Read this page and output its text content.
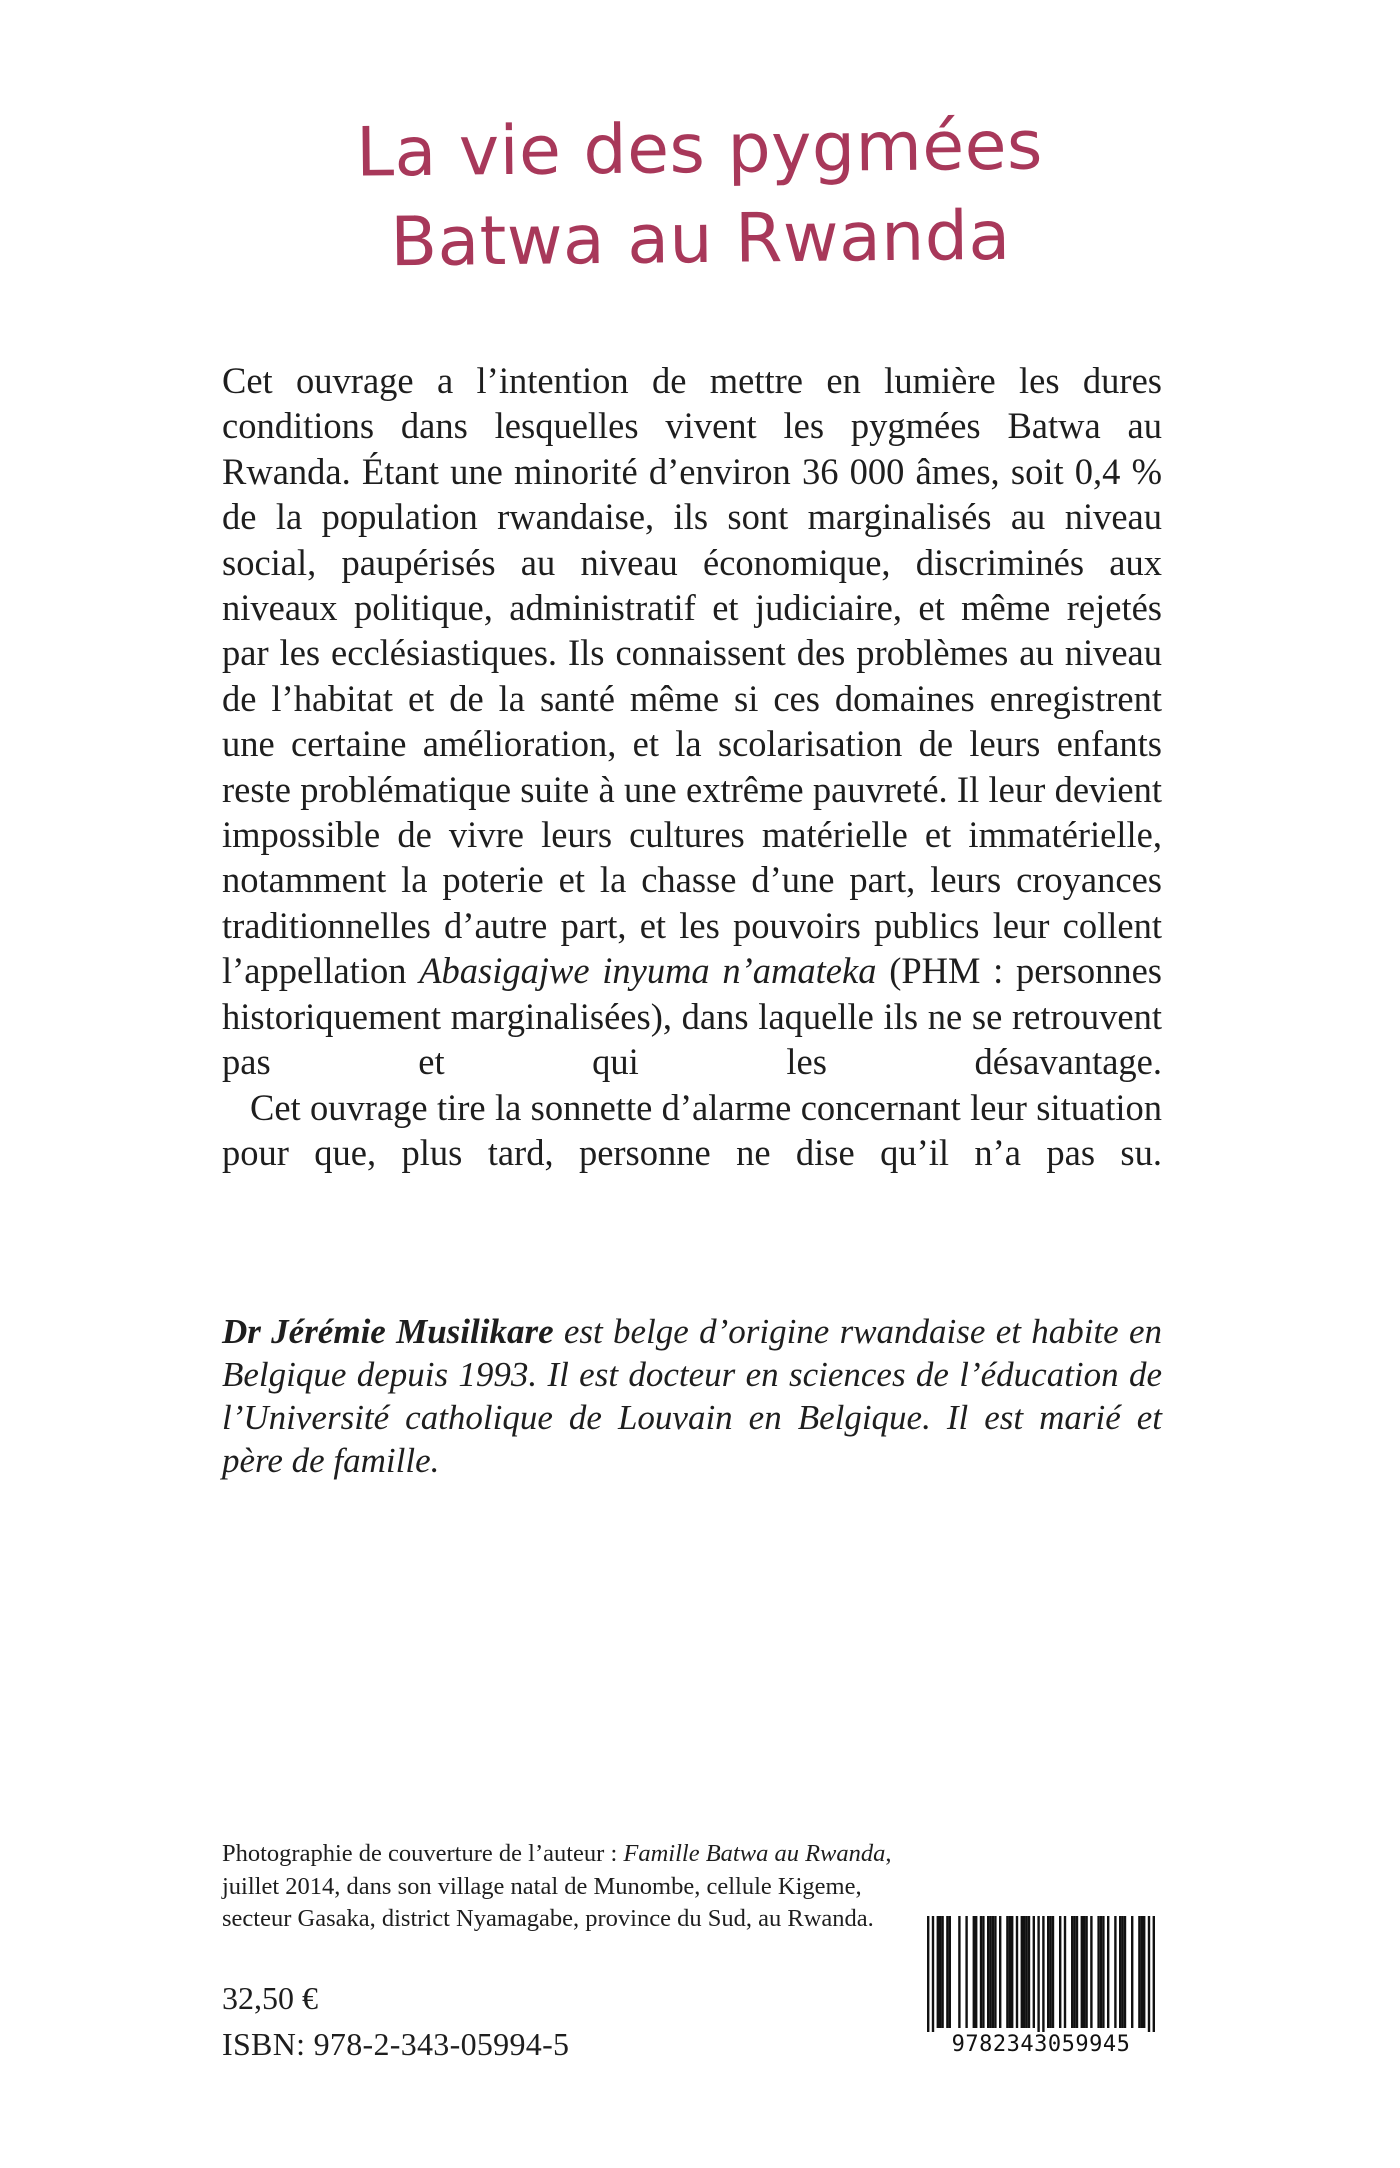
La vie des pygmées
Batwa au Rwanda

Cet ouvrage a l’intention de mettre en lumière les dures conditions dans lesquelles vivent les pygmées Batwa au Rwanda. Étant une minorité d’environ 36 000 âmes, soit 0,4 % de la population rwandaise, ils sont marginalisés au niveau social, paupérisés au niveau économique, discriminés aux niveaux politique, administratif et judiciaire, et même rejetés par les ecclésiastiques. Ils connaissent des problèmes au niveau de l’habitat et de la santé même si ces domaines enregistrent une certaine amélioration, et la scolarisation de leurs enfants reste problématique suite à une extrême pauvreté. Il leur devient impossible de vivre leurs cultures matérielle et immatérielle, notamment la poterie et la chasse d’une part, leurs croyances traditionnelles d’autre part, et les pouvoirs publics leur collent l’appellation Abasigajwe inyuma n’amateka (PHM : personnes historiquement marginalisées), dans laquelle ils ne se retrouvent pas et qui les désavantage.

Cet ouvrage tire la sonnette d’alarme concernant leur situation pour que, plus tard, personne ne dise qu’il n’a pas su.

Dr Jérémie Musilikare est belge d’origine rwandaise et habite en Belgique depuis 1993. Il est docteur en sciences de l’éducation de l’Université catholique de Louvain en Belgique. Il est marié et père de famille.

Photographie de couverture de l’auteur : Famille Batwa au Rwanda, juillet 2014, dans son village natal de Munombe, cellule Kigeme, secteur Gasaka, district Nyamagabe, province du Sud, au Rwanda.

32,50 €
ISBN: 978-2-343-05994-5	9782343059945
